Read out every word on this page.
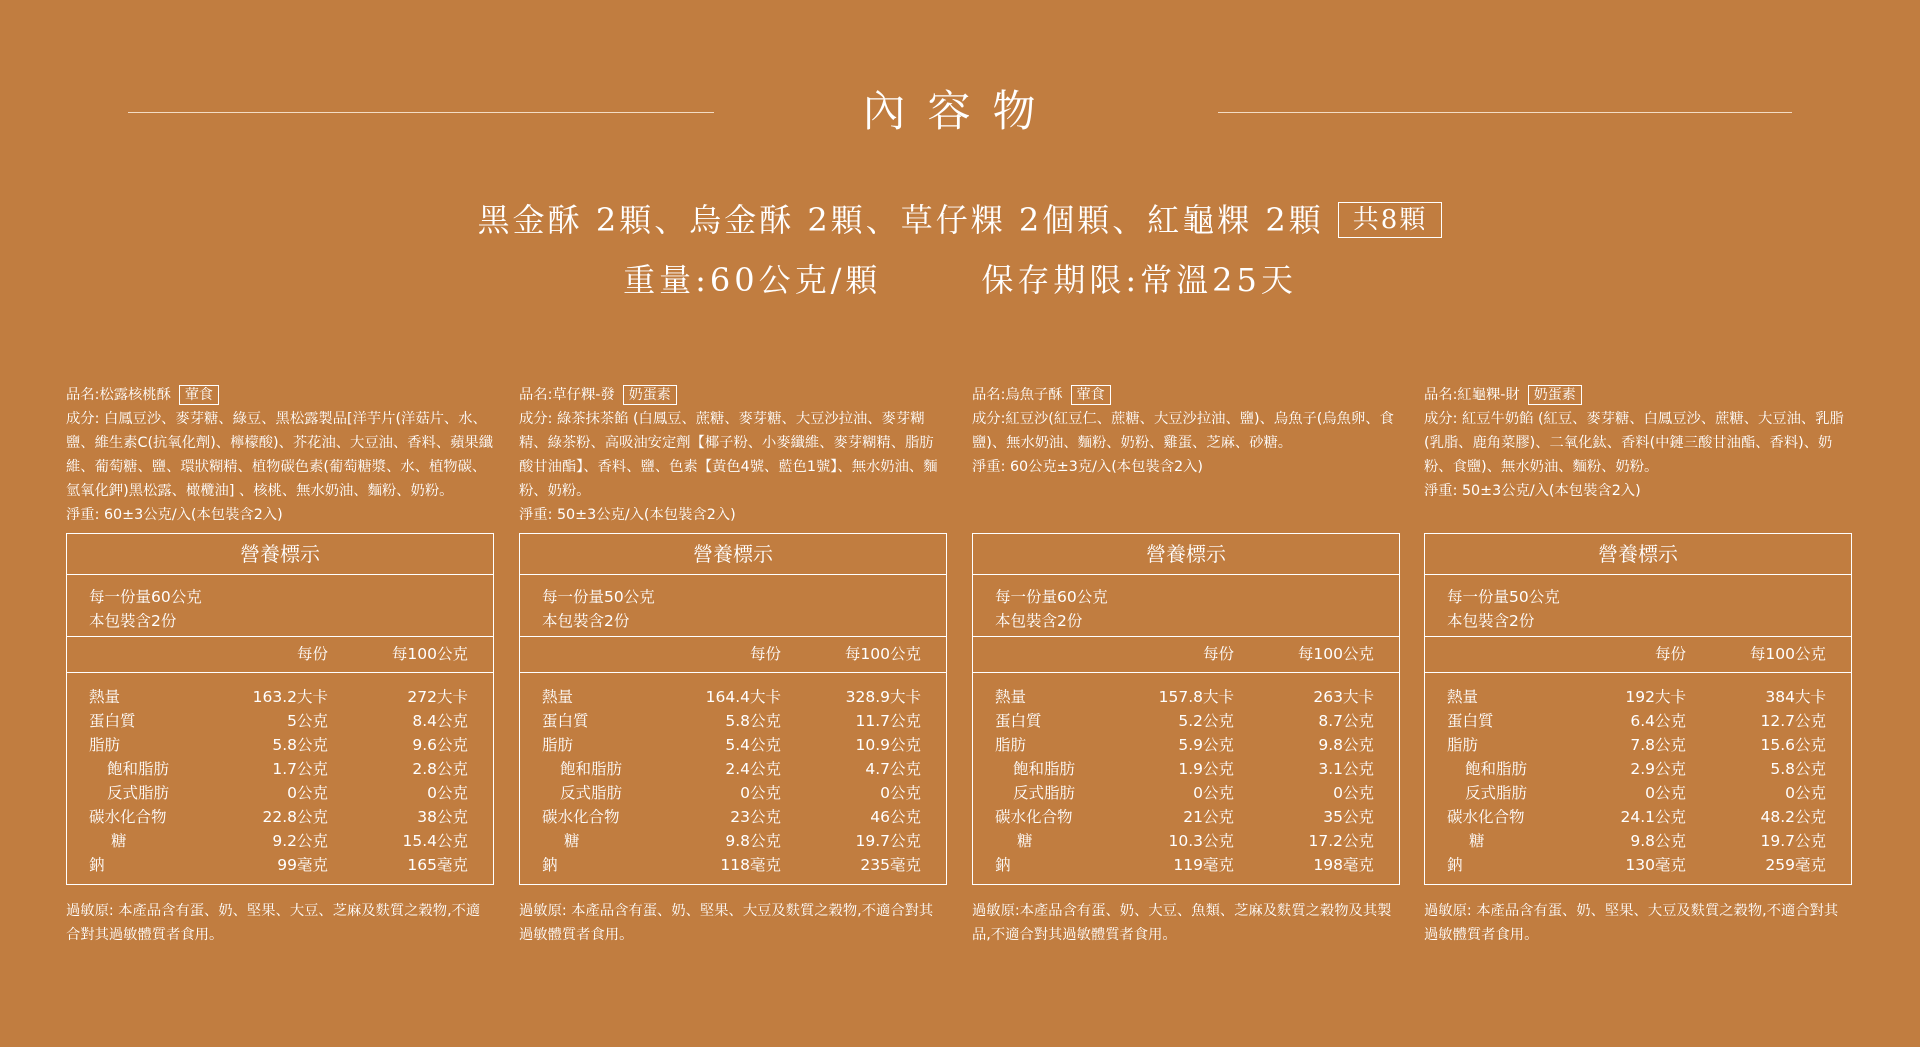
內容物
黑金酥 2顆、烏金酥 2顆、草仔粿 2個顆、紅龜粿 2顆 共8顆
重量:60公克/顆	保存期限:常溫25天
品名:松露核桃酥 葷食
成分: 白鳳豆沙、麥芽糖、綠豆、黑松露製品[洋芋片(洋菇片、水、鹽、維生素C(抗氧化劑)、檸檬酸)、芥花油、大豆油、香料、蘋果纖維、葡萄糖、鹽、環狀糊精、植物碳色素(葡萄糖漿、水、植物碳、氫氧化鉀)黑松露、橄欖油] 、核桃、無水奶油、麵粉、奶粉。
淨重: 60±3公克/入(本包裝含2入)
營養標示
每一份量60公克
本包裝含2份
每份	每100公克
熱量	163.2大卡	272大卡
蛋白質	5公克	8.4公克
脂肪	5.8公克	9.6公克
飽和脂肪	1.7公克	2.8公克
反式脂肪	0公克	0公克
碳水化合物	22.8公克	38公克
糖	9.2公克	15.4公克
鈉	99毫克	165毫克
過敏原: 本產品含有蛋、奶、堅果、大豆、芝麻及麩質之穀物,不適合對其過敏體質者食用。
品名:草仔粿-發 奶蛋素
成分: 綠茶抹茶餡 (白鳳豆、蔗糖、麥芽糖、大豆沙拉油、麥芽糊精、綠茶粉、高吸油安定劑【椰子粉、小麥纖維、麥芽糊精、脂肪酸甘油酯】、香料、鹽、色素【黃色4號、藍色1號】、無水奶油、麵粉、奶粉。
淨重: 50±3公克/入(本包裝含2入)
營養標示
每一份量50公克
本包裝含2份
每份	每100公克
熱量	164.4大卡	328.9大卡
蛋白質	5.8公克	11.7公克
脂肪	5.4公克	10.9公克
飽和脂肪	2.4公克	4.7公克
反式脂肪	0公克	0公克
碳水化合物	23公克	46公克
糖	9.8公克	19.7公克
鈉	118毫克	235毫克
過敏原: 本產品含有蛋、奶、堅果、大豆及麩質之穀物,不適合對其過敏體質者食用。
品名:烏魚子酥 葷食
成分:紅豆沙(紅豆仁、蔗糖、大豆沙拉油、鹽)、烏魚子(烏魚卵、食鹽)、無水奶油、麵粉、奶粉、雞蛋、芝麻、砂糖。
淨重: 60公克±3克/入(本包裝含2入)
營養標示
每一份量60公克
本包裝含2份
每份	每100公克
熱量	157.8大卡	263大卡
蛋白質	5.2公克	8.7公克
脂肪	5.9公克	9.8公克
飽和脂肪	1.9公克	3.1公克
反式脂肪	0公克	0公克
碳水化合物	21公克	35公克
糖	10.3公克	17.2公克
鈉	119毫克	198毫克
過敏原:本產品含有蛋、奶、大豆、魚類、芝麻及麩質之穀物及其製品,不適合對其過敏體質者食用。
品名:紅龜粿-財 奶蛋素
成分: 紅豆牛奶餡 (紅豆、麥芽糖、白鳳豆沙、蔗糖、大豆油、乳脂(乳脂、鹿角菜膠)、二氧化鈦、香料(中鏈三酸甘油酯、香料)、奶粉、食鹽)、無水奶油、麵粉、奶粉。
淨重: 50±3公克/入(本包裝含2入)
營養標示
每一份量50公克
本包裝含2份
每份	每100公克
熱量	192大卡	384大卡
蛋白質	6.4公克	12.7公克
脂肪	7.8公克	15.6公克
飽和脂肪	2.9公克	5.8公克
反式脂肪	0公克	0公克
碳水化合物	24.1公克	48.2公克
糖	9.8公克	19.7公克
鈉	130毫克	259毫克
過敏原: 本產品含有蛋、奶、堅果、大豆及麩質之穀物,不適合對其過敏體質者食用。
